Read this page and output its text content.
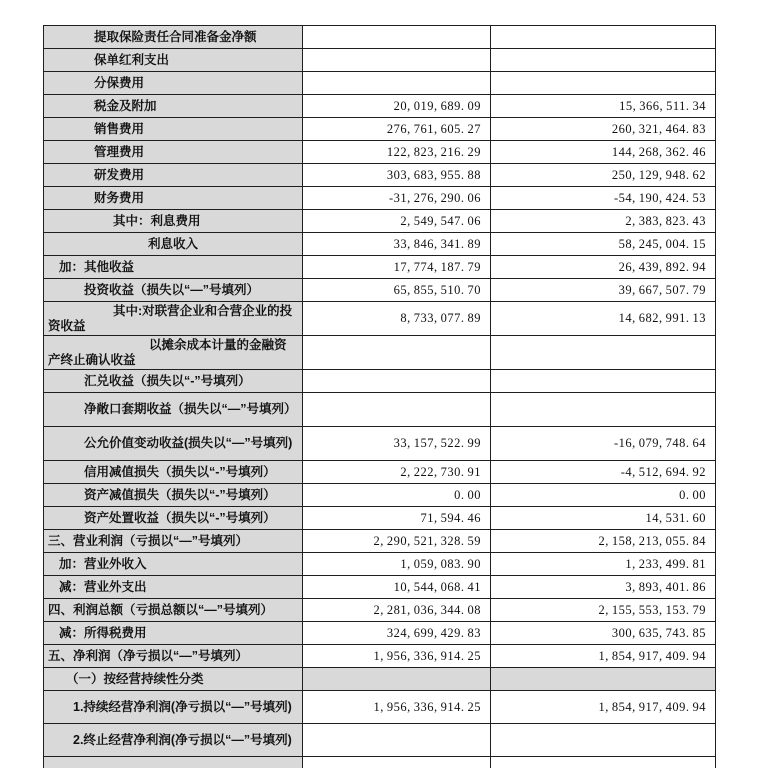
提取保险责任合同准备金净额		
保单红利支出		
分保费用		
税金及附加	20, 019, 689. 09	15, 366, 511. 34
销售费用	276, 761, 605. 27	260, 321, 464. 83
管理费用	122, 823, 216. 29	144, 268, 362. 46
研发费用	303, 683, 955. 88	250, 129, 948. 62
财务费用	-31, 276, 290. 06	-54, 190, 424. 53
其中：利息费用	2, 549, 547. 06	2, 383, 823. 43
利息收入	33, 846, 341. 89	58, 245, 004. 15
加：其他收益	17, 774, 187. 79	26, 439, 892. 94
投资收益（损失以“—”号填列）	65, 855, 510. 70	39, 667, 507. 79
其中:对联营企业和合营企业的投资收益	8, 733, 077. 89	14, 682, 991. 13
以摊余成本计量的金融资产终止确认收益		
汇兑收益（损失以“-”号填列）		
净敞口套期收益（损失以“—”号填列）		
公允价值变动收益(损失以“—”号填列)	33, 157, 522. 99	-16, 079, 748. 64
信用减值损失（损失以“-”号填列）	2, 222, 730. 91	-4, 512, 694. 92
资产减值损失（损失以“-”号填列）	0. 00	0. 00
资产处置收益（损失以“-”号填列）	71, 594. 46	14, 531. 60
三、营业利润（亏损以“—”号填列）	2, 290, 521, 328. 59	2, 158, 213, 055. 84
加：营业外收入	1, 059, 083. 90	1, 233, 499. 81
减：营业外支出	10, 544, 068. 41	3, 893, 401. 86
四、利润总额（亏损总额以“—”号填列）	2, 281, 036, 344. 08	2, 155, 553, 153. 79
减：所得税费用	324, 699, 429. 83	300, 635, 743. 85
五、净利润（净亏损以“—”号填列）	1, 956, 336, 914. 25	1, 854, 917, 409. 94
（一）按经营持续性分类		
1.持续经营净利润(净亏损以“—”号填列)	1, 956, 336, 914. 25	1, 854, 917, 409. 94
2.终止经营净利润(净亏损以“—”号填列)		
